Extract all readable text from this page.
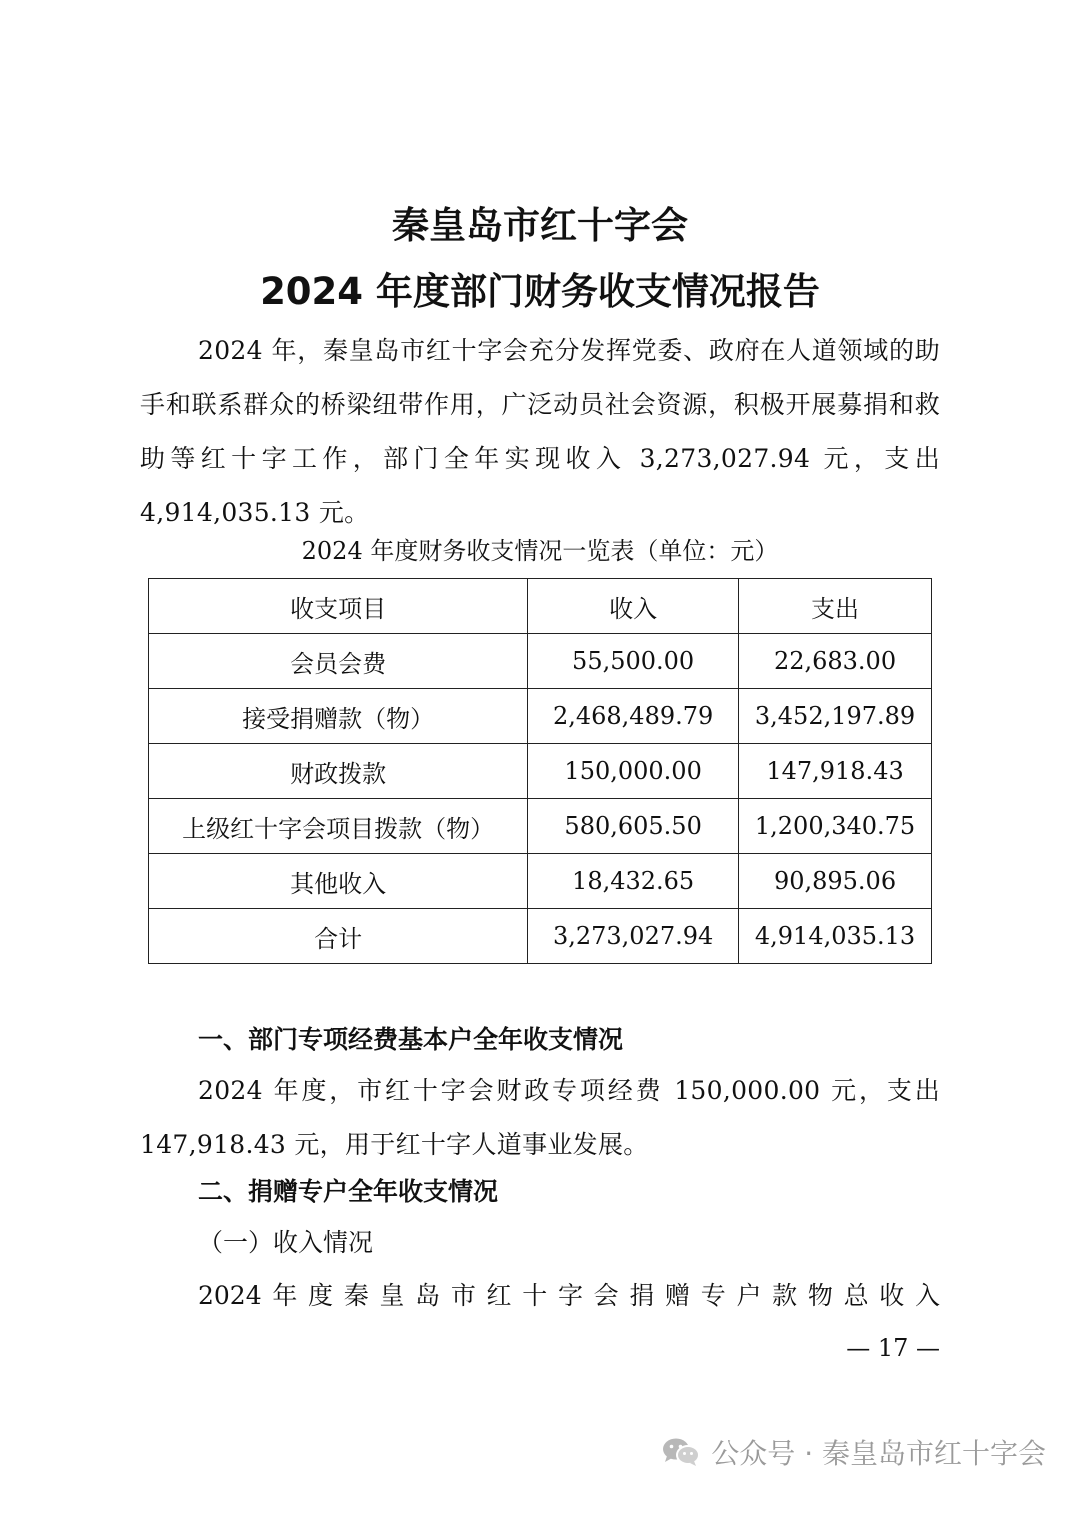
秦皇岛市红十字会
2024 年度部门财务收支情况报告
2024 年，秦皇岛市红十字会充分发挥党委、政府在人道领域的助手和联系群众的桥梁纽带作用，广泛动员社会资源，积极开展募捐和救助等红十字工作，部门全年实现收入 3,273,027.94 元，支出 4,914,035.13 元。
2024 年度财务收支情况一览表（单位：元）
收支项目	收入	支出
会员会费	55,500.00	22,683.00
接受捐赠款（物）	2,468,489.79	3,452,197.89
财政拨款	150,000.00	147,918.43
上级红十字会项目拨款（物）	580,605.50	1,200,340.75
其他收入	18,432.65	90,895.06
合计	3,273,027.94	4,914,035.13
一、部门专项经费基本户全年收支情况
2024 年度，市红十字会财政专项经费 150,000.00 元，支出 147,918.43 元，用于红十字人道事业发展。
二、捐赠专户全年收支情况
（一）收入情况
2024 年 度 秦 皇 岛 市 红 十 字 会 捐 赠 专 户 款 物 总 收 入
— 17 —
公众号 · 秦皇岛市红十字会
